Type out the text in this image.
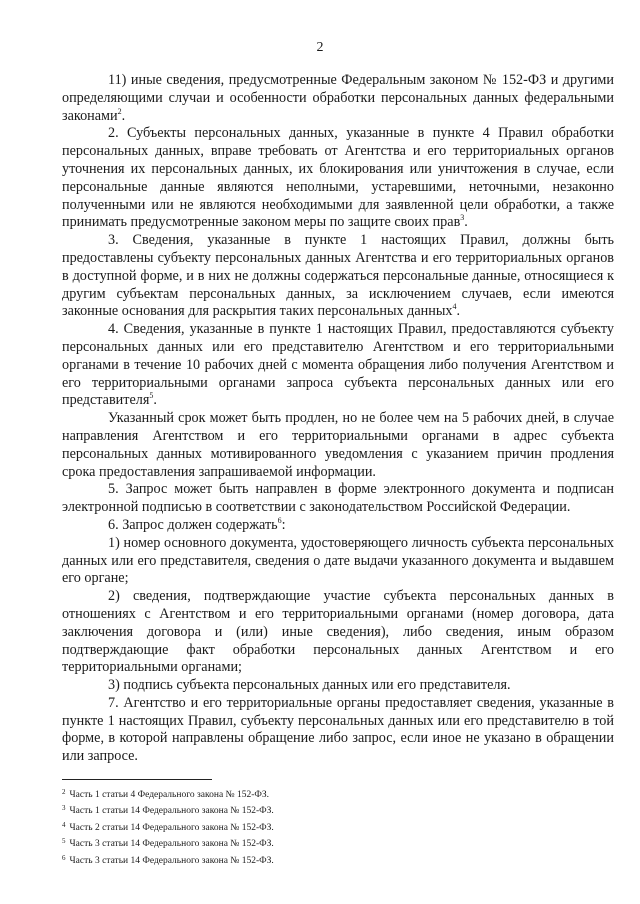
2

11) иные сведения, предусмотренные Федеральным законом № 152-ФЗ и другими определяющими случаи и особенности обработки персональных данных федеральными законами$^2$.

2. Субъекты персональных данных, указанные в пункте 4 Правил обработки персональных данных, вправе требовать от Агентства и его территориальных органов уточнения их персональных данных, их блокирования или уничтожения в случае, если персональные данные являются неполными, устаревшими, неточными, незаконно полученными или не являются необходимыми для заявленной цели обработки, а также принимать предусмотренные законом меры по защите своих прав$^3$.

3. Сведения, указанные в пункте 1 настоящих Правил, должны быть предоставлены субъекту персональных данных Агентства и его территориальных органов в доступной форме, и в них не должны содержаться персональные данные, относящиеся к другим субъектам персональных данных, за исключением случаев, если имеются законные основания для раскрытия таких персональных данных$^4$.

4. Сведения, указанные в пункте 1 настоящих Правил, предоставляются субъекту персональных данных или его представителю Агентством и его территориальными органами в течение 10 рабочих дней с момента обращения либо получения Агентством и его территориальными органами запроса субъекта персональных данных или его представителя$^5$.

Указанный срок может быть продлен, но не более чем на 5 рабочих дней, в случае направления Агентством и его территориальными органами в адрес субъекта персональных данных мотивированного уведомления с указанием причин продления срока предоставления запрашиваемой информации.

5. Запрос может быть направлен в форме электронного документа и подписан электронной подписью в соответствии с законодательством Российской Федерации.

6. Запрос должен содержать$^6$:

1) номер основного документа, удостоверяющего личность субъекта персональных данных или его представителя, сведения о дате выдачи указанного документа и выдавшем его органе;

2) сведения, подтверждающие участие субъекта персональных данных в отношениях с Агентством и его территориальными органами (номер договора, дата заключения договора и (или) иные сведения), либо сведения, иным образом подтверждающие факт обработки персональных данных Агентством и его территориальными органами;

3) подпись субъекта персональных данных или его представителя.

7. Агентство и его территориальные органы предоставляет сведения, указанные в пункте 1 настоящих Правил, субъекту персональных данных или его представителю в той форме, в которой направлены обращение либо запрос, если иное не указано в обращении или запросе.

$^2$ Часть 1 статьи 4 Федерального закона № 152-ФЗ.
$^3$ Часть 1 статьи 14 Федерального закона № 152-ФЗ.
$^4$ Часть 2 статьи 14 Федерального закона № 152-ФЗ.
$^5$ Часть 3 статьи 14 Федерального закона № 152-ФЗ.
$^6$ Часть 3 статьи 14 Федерального закона № 152-ФЗ.
